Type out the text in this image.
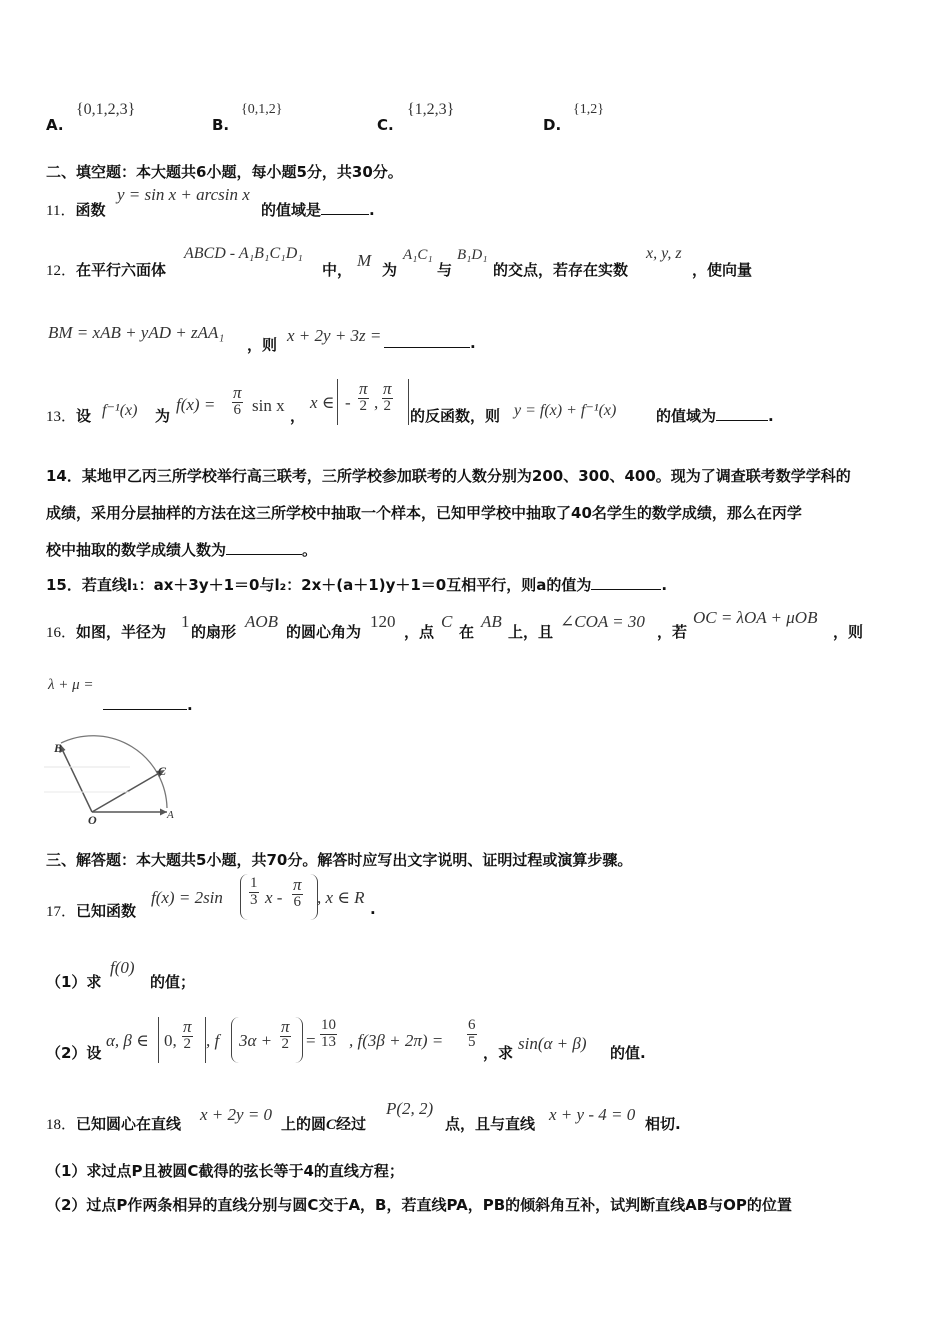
A.
{0,1,2,3}
B.
{0,1,2}
C.
{1,2,3}
D.
{1,2}
二、填空题：本大题共6小题，每小题5分，共30分。
11．函数
y = sin x + arcsin x
的值域是	.
12．在平行六面体
ABCD - A₁B₁C₁D₁
中， M 为
A₁C₁
与
B₁D₁
的交点，若存在实数
x, y, z
，使向量
BM = xAB + yAD + zAA₁
，则 x + 2y + 3z =	.
13．设 f⁻¹(x) 为
$f(x) = \frac{\pi}{6}$ sin x
，
x ∈ - $\frac{\pi}{2}$ , $\frac{\pi}{2}$
的反函数，则 y = f(x) + f⁻¹(x)	的值域为	.
14．某地甲乙丙三所学校举行高三联考，三所学校参加联考的人数分别为200、300、400。现为了调查联考数学学科的
成绩，采用分层抽样的方法在这三所学校中抽取一个样本，已知甲学校中抽取了40名学生的数学成绩，那么在丙学
校中抽取的数学成绩人数为	。
15．若直线l₁：ax＋3y＋1＝0与l₂：2x＋(a＋1)y＋1＝0互相平行，则a的值为	.
16．如图，半径为
1
的扇形
AOB
的圆心角为
120
，点
C
在
AB
上，且
∠COA = 30
，若
OC = λOA + μOB
，则
λ + μ =
.
B
C
O	A
三、解答题：本大题共5小题，共70分。解答时应写出文字说明、证明过程或演算步骤。
17．已知函数
$f(x) = 2\sin \frac{1}{3}$ x - $\frac{\pi}{6}$ , x ∈ R
.
（1）求
f(0)
的值；
（2）设
α, β ∈ 0, $\frac{\pi}{2}$ , f $3\alpha + \frac{\pi}{2} = \frac{10}{13}$ , $f(3\beta + 2\pi) = \frac{6}{5}$
，求 sin(α + β) 的值.
18．已知圆心在直线 x + 2y = 0 上的圆C经过
P(2, 2)
点，且与直线 x + y - 4 = 0 相切.
（1）求过点P且被圆C截得的弦长等于4的直线方程；
（2）过点P作两条相异的直线分别与圆C交于A，B，若直线PA，PB的倾斜角互补，试判断直线AB与OP的位置
